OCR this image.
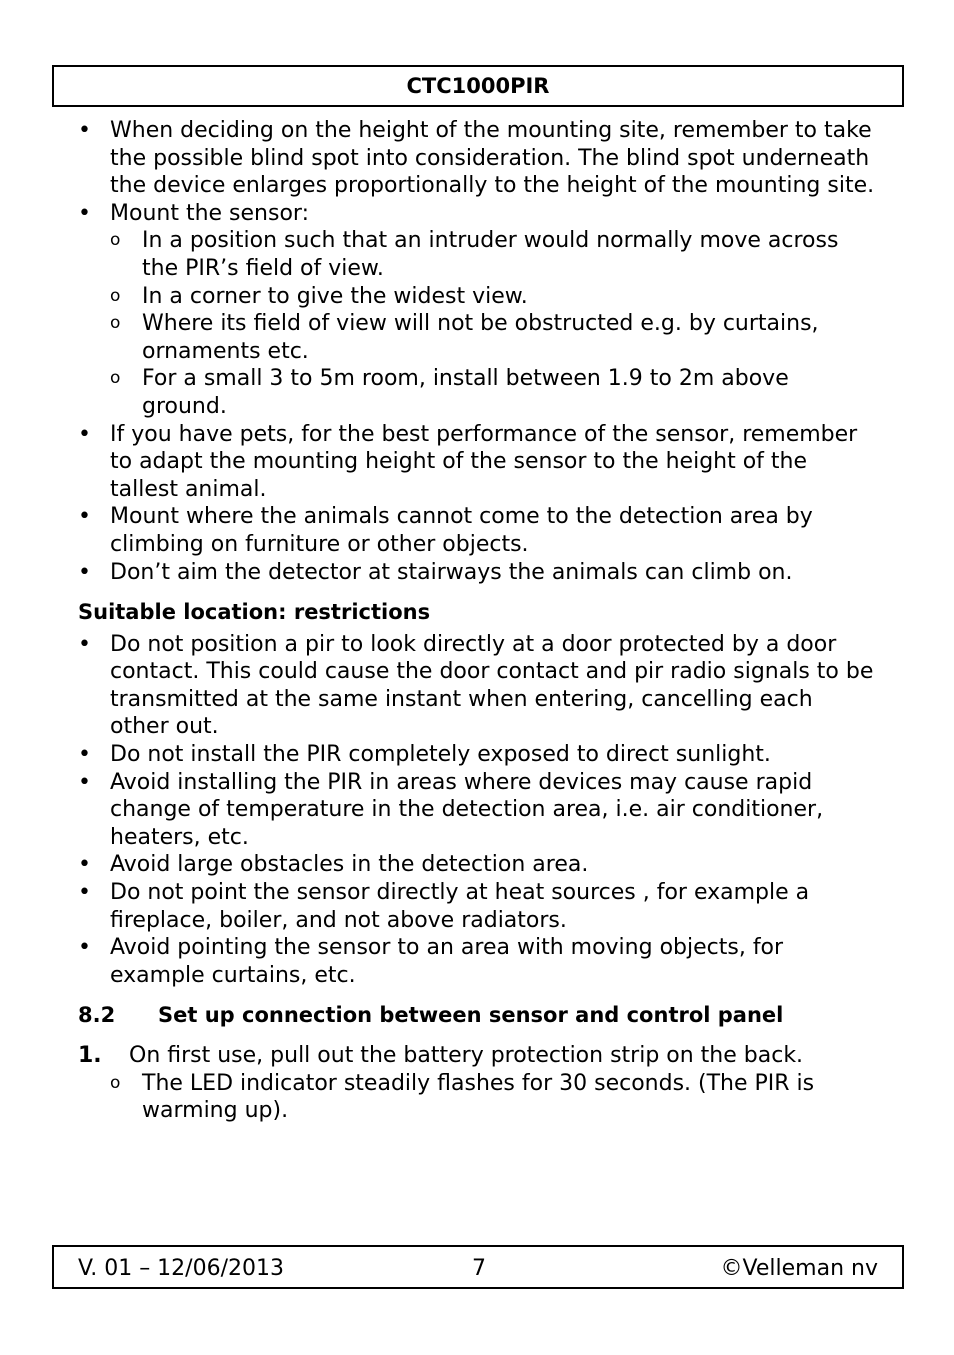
CTC1000PIR
• When deciding on the height of the mounting site, remember to take the possible blind spot into consideration. The blind spot underneath the device enlarges proportionally to the height of the mounting site.
• Mount the sensor:
o In a position such that an intruder would normally move across the PIR’s field of view.
o In a corner to give the widest view.
o Where its field of view will not be obstructed e.g. by curtains, ornaments etc.
o For a small 3 to 5m room, install between 1.9 to 2m above ground.
• If you have pets, for the best performance of the sensor, remember to adapt the mounting height of the sensor to the height of the tallest animal.
• Mount where the animals cannot come to the detection area by climbing on furniture or other objects.
• Don’t aim the detector at stairways the animals can climb on.
Suitable location: restrictions
• Do not position a pir to look directly at a door protected by a door contact. This could cause the door contact and pir radio signals to be transmitted at the same instant when entering, cancelling each other out.
• Do not install the PIR completely exposed to direct sunlight.
• Avoid installing the PIR in areas where devices may cause rapid change of temperature in the detection area, i.e. air conditioner, heaters, etc.
• Avoid large obstacles in the detection area.
• Do not point the sensor directly at heat sources , for example a fireplace, boiler, and not above radiators.
• Avoid pointing the sensor to an area with moving objects, for example curtains, etc.
8.2	Set up connection between sensor and control panel
1. On first use, pull out the battery protection strip on the back.
o The LED indicator steadily flashes for 30 seconds. (The PIR is warming up).
V. 01 – 12/06/2013	7	©Velleman nv
